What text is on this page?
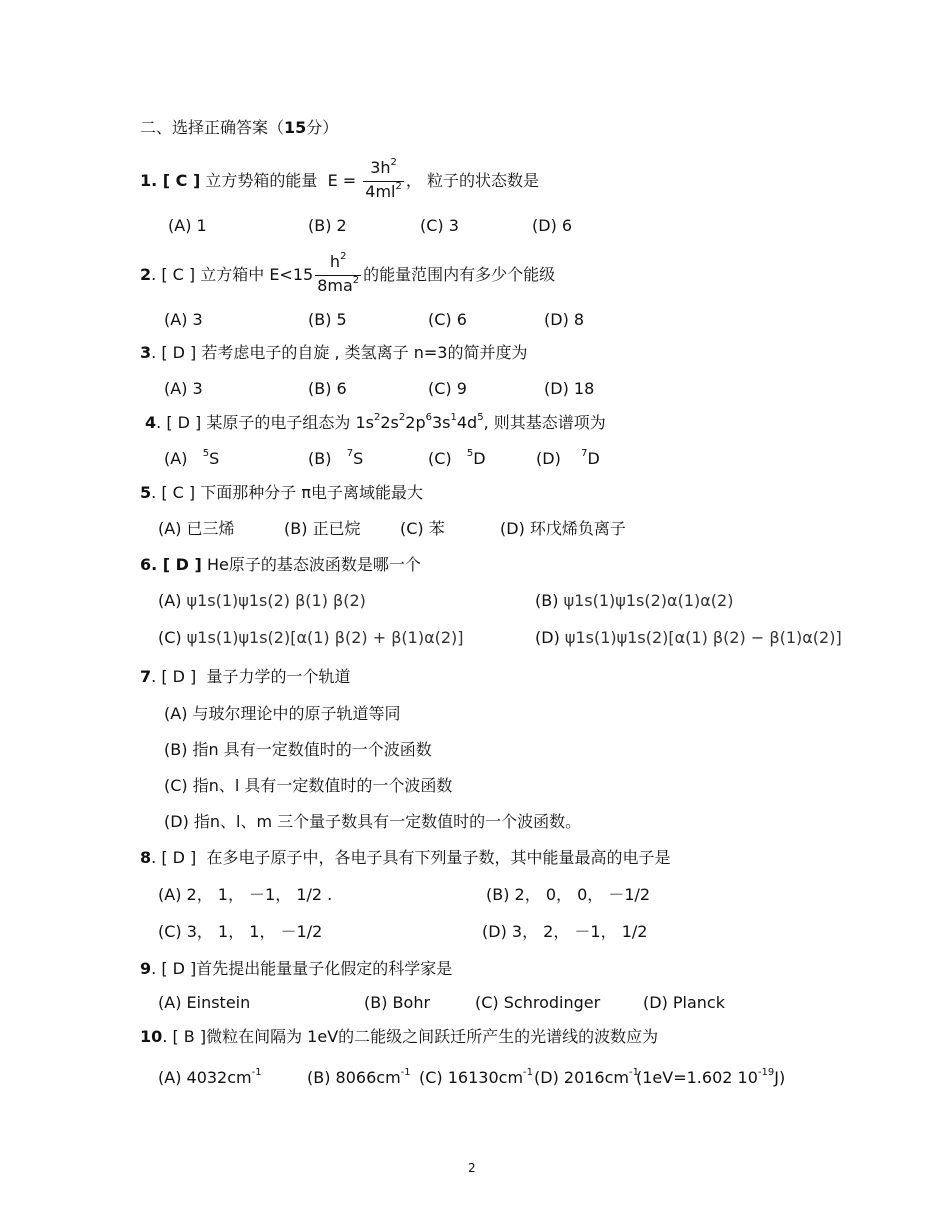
二、选择正确答案（15分）
1. [ C ] 立方势箱的能量 $E = \frac{3h^2}{4ml^2}$ ， 粒子的状态数是
(A) 1	(B) 2	(C) 3	(D) 6
2. [ C ] 立方箱中 $E<15 \frac{h^2}{8ma^2}$ 的能量范围内有多少个能级
(A) 3	(B) 5	(C) 6	(D) 8
3. [ D ] 若考虑电子的自旋 , 类氢离子 n=3的简并度为
(A) 3	(B) 6	(C) 9	(D) 18
4. [ D ] 某原子的电子组态为 $1s^22s^22p^63s^14d^5$, 则其基态谱项为
(A) $^5$S	(B) $^7$S	(C) $^5$D	(D) $^7$D
5. [ C ] 下面那种分子 π电子离域能最大
(A) 已三烯	(B) 正已烷 (C) 苯	(D) 环戊烯负离子
6. [ D ] He原子的基态波函数是哪一个
(A) ψ1s(1)ψ1s(2) β(1) β(2)	(B) ψ1s(1)ψ1s(2)α(1)α(2)
(C) ψ1s(1)ψ1s(2)[α(1) β(2) + β(1)α(2)]	(D) ψ1s(1)ψ1s(2)[α(1) β(2) − β(1)α(2)]
7. [ D ] 量子力学的一个轨道
(A) 与玻尔理论中的原子轨道等同
(B) 指n 具有一定数值时的一个波函数
(C) 指n、l 具有一定数值时的一个波函数
(D) 指n、l、m 三个量子数具有一定数值时的一个波函数。
8. [ D ] 在多电子原子中，各电子具有下列量子数，其中能量最高的电子是
(A) 2， 1， －1， 1/2 .	(B) 2， 0， 0， －1/2
(C) 3， 1， 1， －1/2	(D) 3， 2， －1， 1/2
9. [ D ]首先提出能量量子化假定的科学家是
(A) Einstein	(B) Bohr	(C) Schrodinger	(D) Planck
10. [ B ]微粒在间隔为 1eV的二能级之间跃迁所产生的光谱线的波数应为
(A) $4032cm^{-1}$	(B) $8066cm^{-1}$ (C) $16130cm^{-1}$ (D) $2016cm^{-1}$
(1eV=1.602 $10^{-19}J$)
2
